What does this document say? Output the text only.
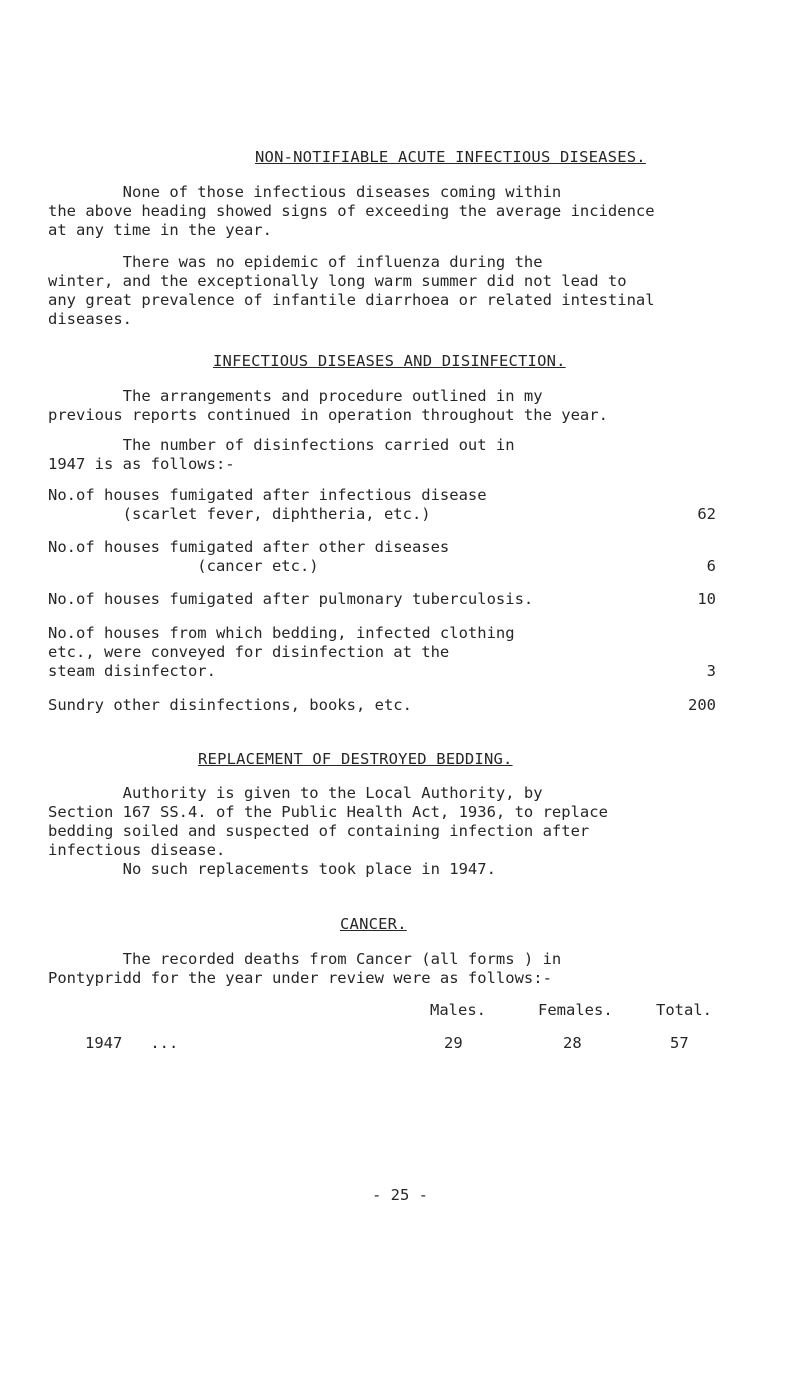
NON-NOTIFIABLE ACUTE INFECTIOUS DISEASES.
None of those infectious diseases coming within
the above heading showed signs of exceeding the average incidence
at any time in the year.
There was no epidemic of influenza during the
winter, and the exceptionally long warm summer did not lead to
any great prevalence of infantile diarrhoea or related intestinal
diseases.
INFECTIOUS DISEASES AND DISINFECTION.
The arrangements and procedure outlined in my
previous reports continued in operation throughout the year.
The number of disinfections carried out in
1947 is as follows:-
No.of houses fumigated after infectious disease
(scarlet fever, diphtheria, etc.)	62
No.of houses fumigated after other diseases
(cancer etc.)	6
No.of houses fumigated after pulmonary tuberculosis.	10
No.of houses from which bedding, infected clothing
etc., were conveyed for disinfection at the
steam disinfector.	3
Sundry other disinfections, books, etc.	200
REPLACEMENT OF DESTROYED BEDDING.
Authority is given to the Local Authority, by
Section 167 SS.4. of the Public Health Act, 1936, to replace
bedding soiled and suspected of containing infection after
infectious disease.
No such replacements took place in 1947.
CANCER.
The recorded deaths from Cancer (all forms ) in
Pontypridd for the year under review were as follows:-
Males.	Females.	Total.
1947   ...	29	28	57
- 25 -
